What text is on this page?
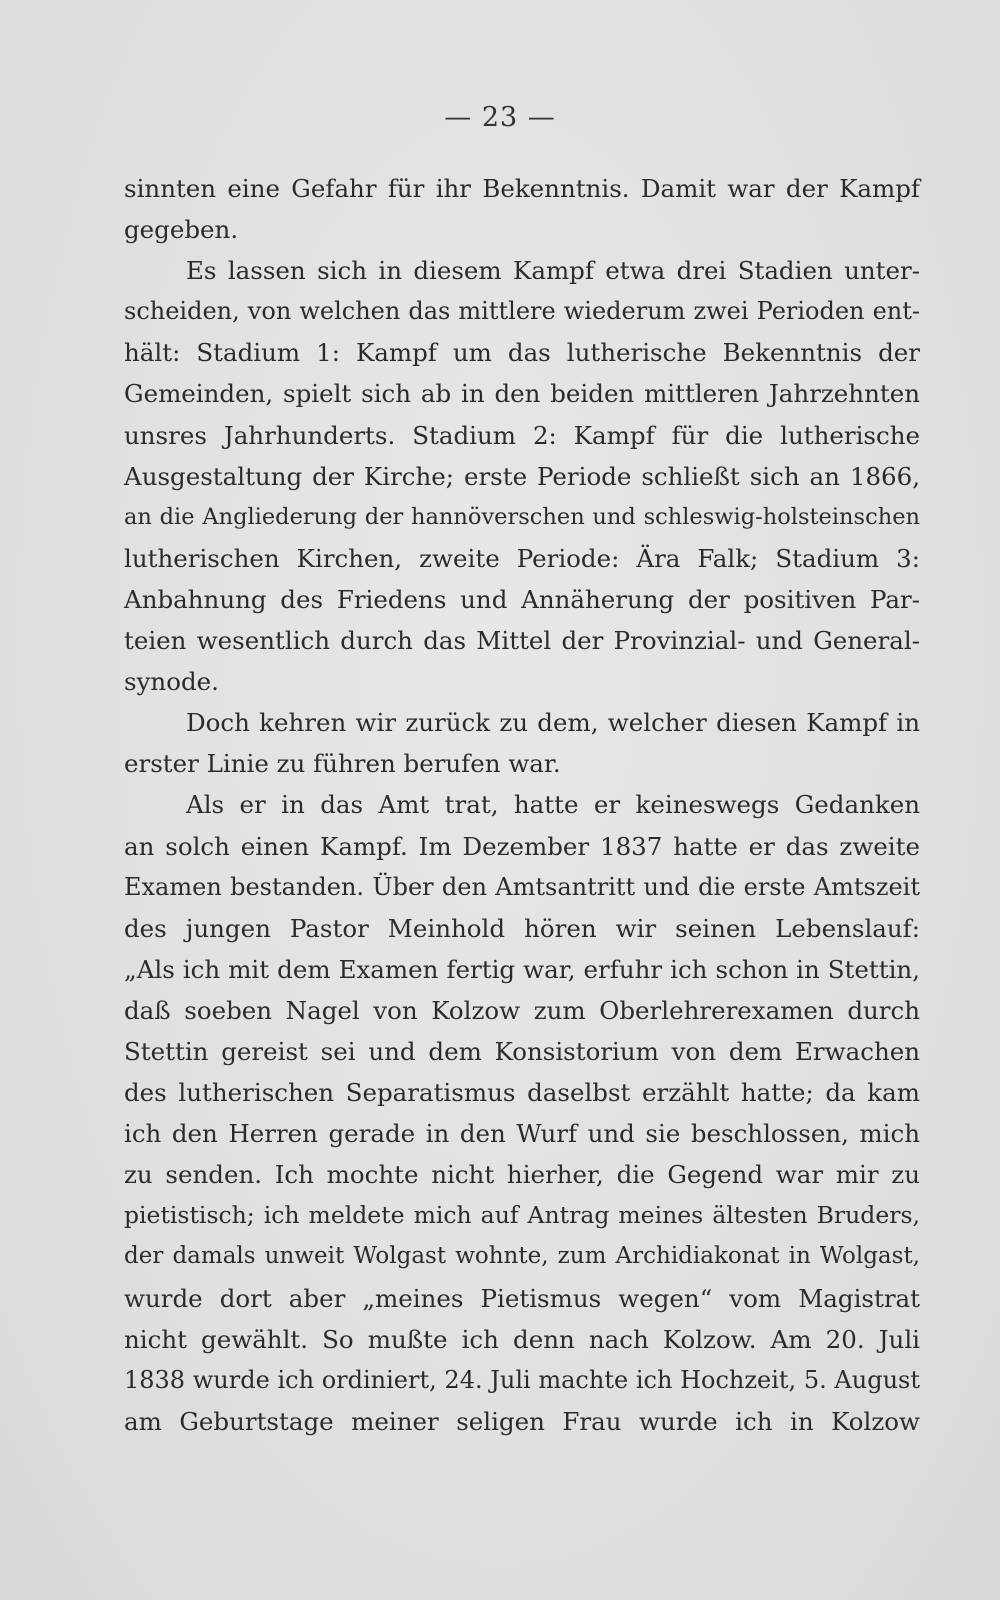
— 23 —
sinnten eine Gefahr für ihr Bekenntnis. Damit war der Kampf
gegeben.
Es lassen sich in diesem Kampf etwa drei Stadien unter-
scheiden, von welchen das mittlere wiederum zwei Perioden ent-
hält: Stadium 1: Kampf um das lutherische Bekenntnis der
Gemeinden, spielt sich ab in den beiden mittleren Jahrzehnten
unsres Jahrhunderts. Stadium 2: Kampf für die lutherische
Ausgestaltung der Kirche; erste Periode schließt sich an 1866,
an die Angliederung der hannöverschen und schleswig-holsteinschen
lutherischen Kirchen, zweite Periode: Ära Falk; Stadium 3:
Anbahnung des Friedens und Annäherung der positiven Par-
teien wesentlich durch das Mittel der Provinzial- und General-
synode.
Doch kehren wir zurück zu dem, welcher diesen Kampf in
erster Linie zu führen berufen war.
Als er in das Amt trat, hatte er keineswegs Gedanken
an solch einen Kampf. Im Dezember 1837 hatte er das zweite
Examen bestanden. Über den Amtsantritt und die erste Amtszeit
des jungen Pastor Meinhold hören wir seinen Lebenslauf:
„Als ich mit dem Examen fertig war, erfuhr ich schon in Stettin,
daß soeben Nagel von Kolzow zum Oberlehrerexamen durch
Stettin gereist sei und dem Konsistorium von dem Erwachen
des lutherischen Separatismus daselbst erzählt hatte; da kam
ich den Herren gerade in den Wurf und sie beschlossen, mich
zu senden. Ich mochte nicht hierher, die Gegend war mir zu
pietistisch; ich meldete mich auf Antrag meines ältesten Bruders,
der damals unweit Wolgast wohnte, zum Archidiakonat in Wolgast,
wurde dort aber „meines Pietismus wegen“ vom Magistrat
nicht gewählt. So mußte ich denn nach Kolzow. Am 20. Juli
1838 wurde ich ordiniert, 24. Juli machte ich Hochzeit, 5. August
am Geburtstage meiner seligen Frau wurde ich in Kolzow
